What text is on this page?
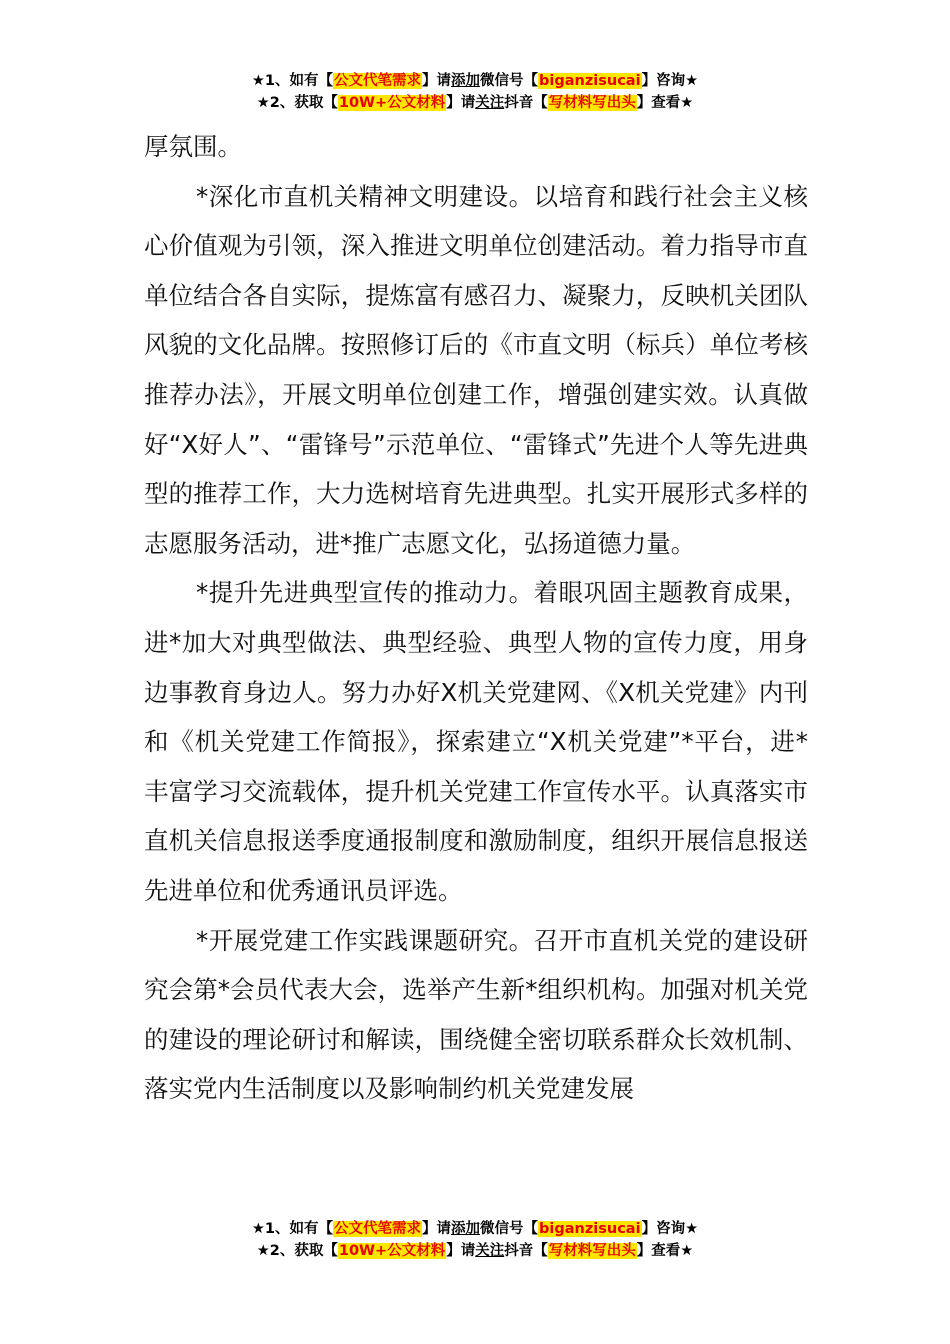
★1、如有【公文代笔需求】请添加微信号【biganzisucai】咨询★
★2、获取【10W+公文材料】请关注抖音【写材料写出头】查看★

厚氛围。

*深化市直机关精神文明建设。以培育和践行社会主义核心价值观为引领，深入推进文明单位创建活动。着力指导市直单位结合各自实际，提炼富有感召力、凝聚力，反映机关团队风貌的文化品牌。按照修订后的《市直文明（标兵）单位考核推荐办法》，开展文明单位创建工作，增强创建实效。认真做好“X好人”、“雷锋号”示范单位、“雷锋式”先进个人等先进典型的推荐工作，大力选树培育先进典型。扎实开展形式多样的志愿服务活动，进*推广志愿文化，弘扬道德力量。

*提升先进典型宣传的推动力。着眼巩固主题教育成果，进*加大对典型做法、典型经验、典型人物的宣传力度，用身边事教育身边人。努力办好X机关党建网、《X机关党建》内刊和《机关党建工作简报》，探索建立“X机关党建”*平台，进*丰富学习交流载体，提升机关党建工作宣传水平。认真落实市直机关信息报送季度通报制度和激励制度，组织开展信息报送先进单位和优秀通讯员评选。

*开展党建工作实践课题研究。召开市直机关党的建设研究会第*会员代表大会，选举产生新*组织机构。加强对机关党的建设的理论研讨和解读，围绕健全密切联系群众长效机制、落实党内生活制度以及影响制约机关党建发展

★1、如有【公文代笔需求】请添加微信号【biganzisucai】咨询★
★2、获取【10W+公文材料】请关注抖音【写材料写出头】查看★
